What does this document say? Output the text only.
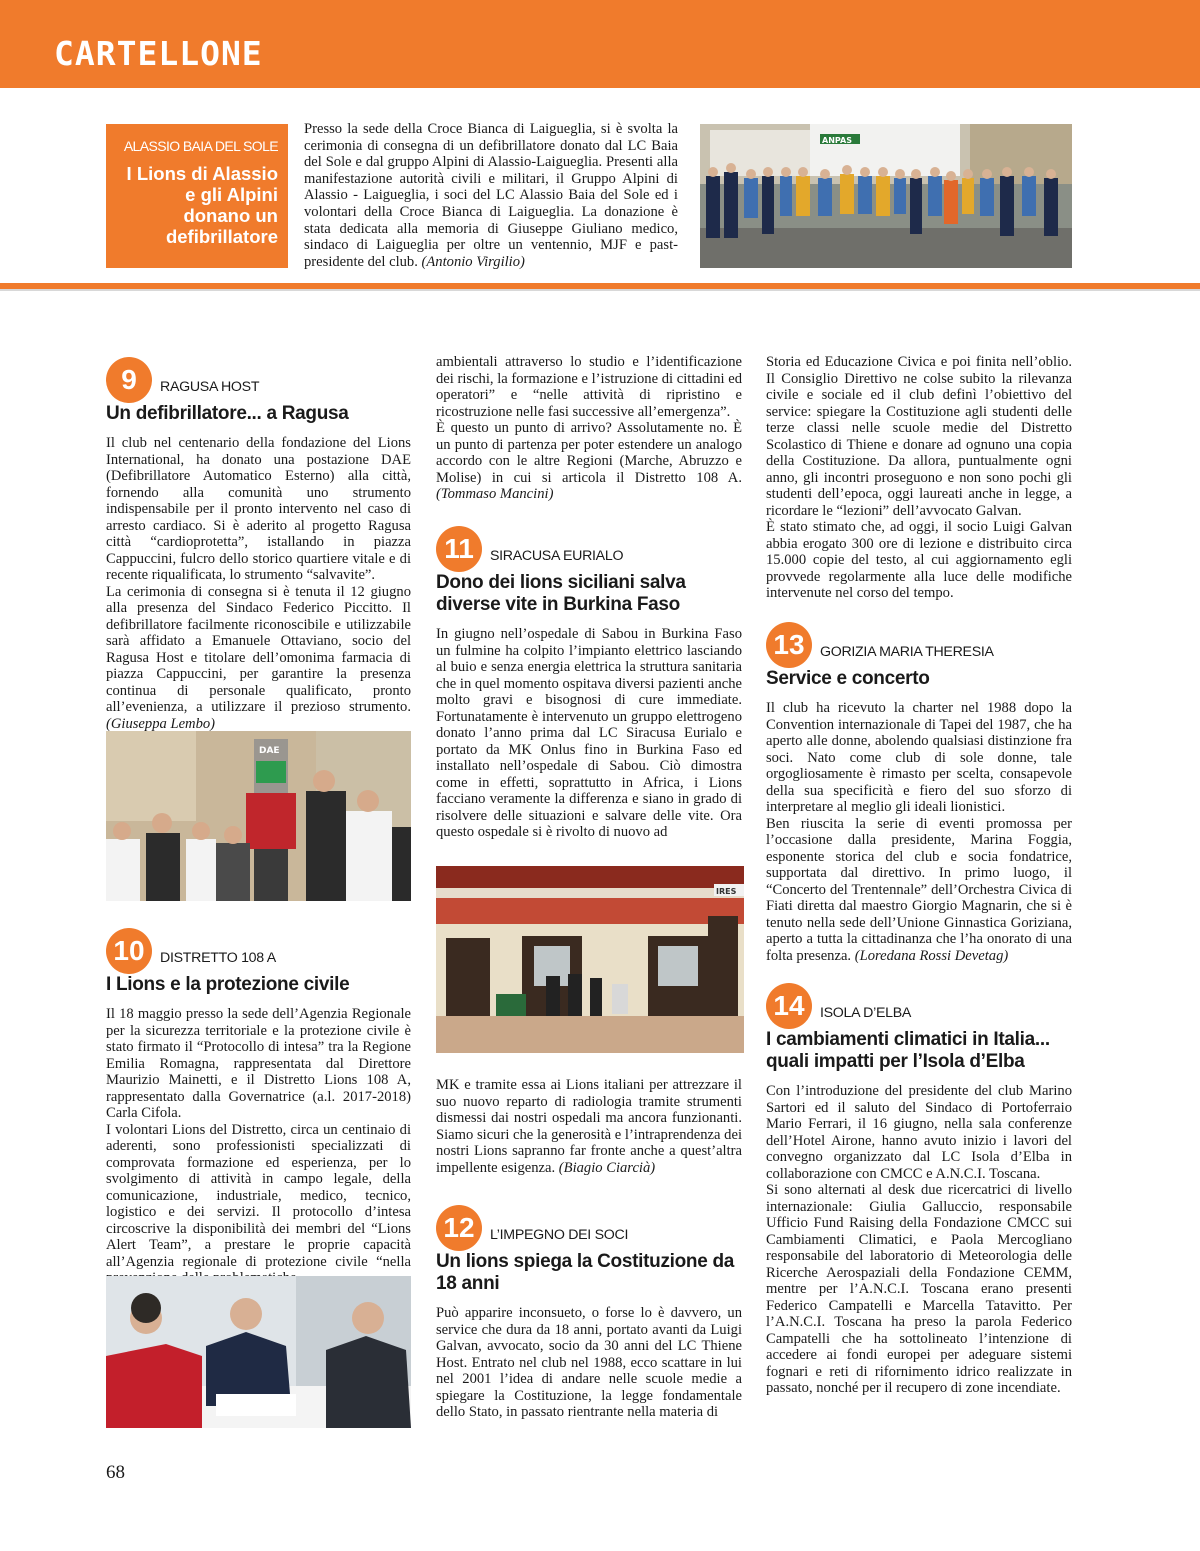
CARTELLONE
ALASSIO BAIA DEL SOLE
I Lions di Alassio e gli Alpini donano un defibrillatore
Presso la sede della Croce Bianca di Laigueglia, si è svolta la cerimonia di consegna di un defibrillatore donato dal LC Baia del Sole e dal gruppo Alpini di Alassio-Laigueglia. Presenti alla manifestazione autorità civili e militari, il Gruppo Alpini di Alassio - Laigueglia, i soci del LC Alassio Baia del Sole ed i volontari della Croce Bianca di Laigueglia. La donazione è stata dedicata alla memoria di Giuseppe Giuliano medico, sindaco di Laigueglia per oltre un ventennio, MJF e past-presidente del club. (Antonio Virgilio)
ANPAS
9	RAGUSA HOST
Un defibrillatore... a Ragusa

Il club nel centenario della fondazione del Lions International, ha donato una postazione DAE (Defibrillatore Automatico Esterno) alla città, fornendo alla comunità uno strumento indispensabile per il pronto intervento nel caso di arresto cardiaco. Si è aderito al progetto Ragusa città “cardioprotetta”, istallando in piazza Cappuccini, fulcro dello storico quartiere vitale e di recente riqualificata, lo strumento “salvavite”.

La cerimonia di consegna si è tenuta il 12 giugno alla presenza del Sindaco Federico Piccitto. Il defibrillatore facilmente riconoscibile e utilizzabile sarà affidato a Emanuele Ottaviano, socio del Ragusa Host e titolare dell’omonima farmacia di piazza Cappuccini, per garantire la presenza continua di personale qualificato, pronto all’evenienza, a utilizzare il prezioso strumento. (Giuseppa Lembo)

DAE
10	DISTRETTO 108 A
I Lions e la protezione civile

Il 18 maggio presso la sede dell’Agenzia Regionale per la sicurezza territoriale e la protezione civile è stato firmato il “Protocollo di intesa” tra la Regione Emilia Romagna, rappresentata dal Direttore Maurizio Mainetti, e il Distretto Lions 108 A, rappresentato dalla Governatrice (a.l. 2017-2018) Carla Cifola.

I volontari Lions del Distretto, circa un centinaio di aderenti, sono professionisti specializzati di comprovata formazione ed esperienza, per lo svolgimento di attività in campo legale, della comunicazione, industriale, medico, tecnico, logistico e dei servizi. Il protocollo d’intesa circoscrive la disponibilità dei membri del “Lions Alert Team”, a prestare le proprie capacità all’Agenzia regionale di protezione civile “nella

ambientali attraverso lo studio e l’identificazione dei rischi, la formazione e l’istruzione di cittadini ed operatori” e “nelle attività di ripristino e ricostruzione nelle fasi successive all’emergenza”.

È questo un punto di arrivo? Assolutamente no. È un punto di partenza per poter estendere un analogo accordo con le altre Regioni (Marche, Abruzzo e Molise) in cui si articola il Distretto 108 A. (Tommaso Mancini)

11	SIRACUSA EURIALO
Dono dei lions siciliani salva diverse vite in Burkina Faso

In giugno nell’ospedale di Sabou in Burkina Faso un fulmine ha colpito l’impianto elettrico lasciando al buio e senza energia elettrica la struttura sanitaria che in quel momento ospitava diversi pazienti anche molto gravi e bisognosi di cure immediate. Fortunatamente è intervenuto un gruppo elettrogeno donato l’anno prima dal LC Siracusa Eurialo e portato da MK Onlus fino in Burkina Faso ed installato nell’ospedale di Sabou. Ciò dimostra come in effetti, soprattutto in Africa, i Lions facciano veramente la differenza e siano in grado di risolvere delle situazioni e salvare delle vite. Ora questo ospedale si è rivolto di nuovo ad

IRES

MK e tramite essa ai Lions italiani per attrezzare il suo nuovo reparto di radiologia tramite strumenti dismessi dai nostri ospedali ma ancora funzionanti. Siamo sicuri che la generosità e l’intraprendenza dei nostri Lions sapranno far fronte anche a quest’altra impellente esigenza. (Biagio Ciarcià)

12	L’IMPEGNO DEI SOCI
Un lions spiega la Costituzione da 18 anni

Può apparire inconsueto, o forse lo è davvero, un service che dura da 18 anni, portato avanti da Luigi Galvan, avvocato, socio da 30 anni del LC Thiene Host. Entrato nel club nel 1988, ecco scattare in lui nel 2001 l’idea di andare nelle scuole medie a spiegare la Costituzione, la legge fondamentale dello Stato, in passato rientrante nella materia di

Storia ed Educazione Civica e poi finita nell’oblio. Il Consiglio Direttivo ne colse subito la rilevanza civile e sociale ed il club definì l’obiettivo del service: spiegare la Costituzione agli studenti delle terze classi nelle scuole medie del Distretto Scolastico di Thiene e donare ad ognuno una copia della Costituzione. Da allora, puntualmente ogni anno, gli incontri proseguono e non sono pochi gli studenti dell’epoca, oggi laureati anche in legge, a ricordare le “lezioni” dell’avvocato Galvan.

È stato stimato che, ad oggi, il socio Luigi Galvan abbia erogato 300 ore di lezione e distribuito circa 15.000 copie del testo, al cui aggiornamento egli provvede regolarmente alla luce delle modifiche intervenute nel corso del tempo.

13	GORIZIA MARIA THERESIA
Service e concerto

Il club ha ricevuto la charter nel 1988 dopo la Convention internazionale di Tapei del 1987, che ha aperto alle donne, abolendo qualsiasi distinzione fra soci. Nato come club di sole donne, tale orgogliosamente è rimasto per scelta, consapevole della sua specificità e fiero del suo sforzo di interpretare al meglio gli ideali lionistici.

Ben riuscita la serie di eventi promossa per l’occasione dalla presidente, Marina Foggia, esponente storica del club e socia fondatrice, supportata dal direttivo. In primo luogo, il “Concerto del Trentennale” dell’Orchestra Civica di Fiati diretta dal maestro Giorgio Magnarin, che si è tenuto nella sede dell’Unione Ginnastica Goriziana, aperto a tutta la cittadinanza che l’ha onorato di una folta presenza. (Loredana Rossi Devetag)

14	ISOLA D’ELBA
I cambiamenti climatici in Italia... quali impatti per l’Isola d’Elba

Con l’introduzione del presidente del club Marino Sartori ed il saluto del Sindaco di Portoferraio Mario Ferrari, il 16 giugno, nella sala conferenze dell’Hotel Airone, hanno avuto inizio i lavori del convegno organizzato dal LC Isola d’Elba in collaborazione con CMCC e A.N.C.I. Toscana.

Si sono alternati al desk due ricercatrici di livello internazionale: Giulia Galluccio, responsabile Ufficio Fund Raising della Fondazione CMCC sui Cambiamenti Climatici, e Paola Mercogliano responsabile del laboratorio di Meteorologia delle Ricerche Aerospaziali della Fondazione CEMM, mentre per l’A.N.C.I. Toscana erano presenti Federico Campatelli e Marcella Tatavitto. Per l’A.N.C.I. Toscana ha preso la parola Federico Campatelli che ha sottolineato l’intenzione di accedere ai fondi europei per adeguare sistemi fognari e reti di rifornimento idrico realizzate in passato, nonché per il recupero di zone incendiate.

68
